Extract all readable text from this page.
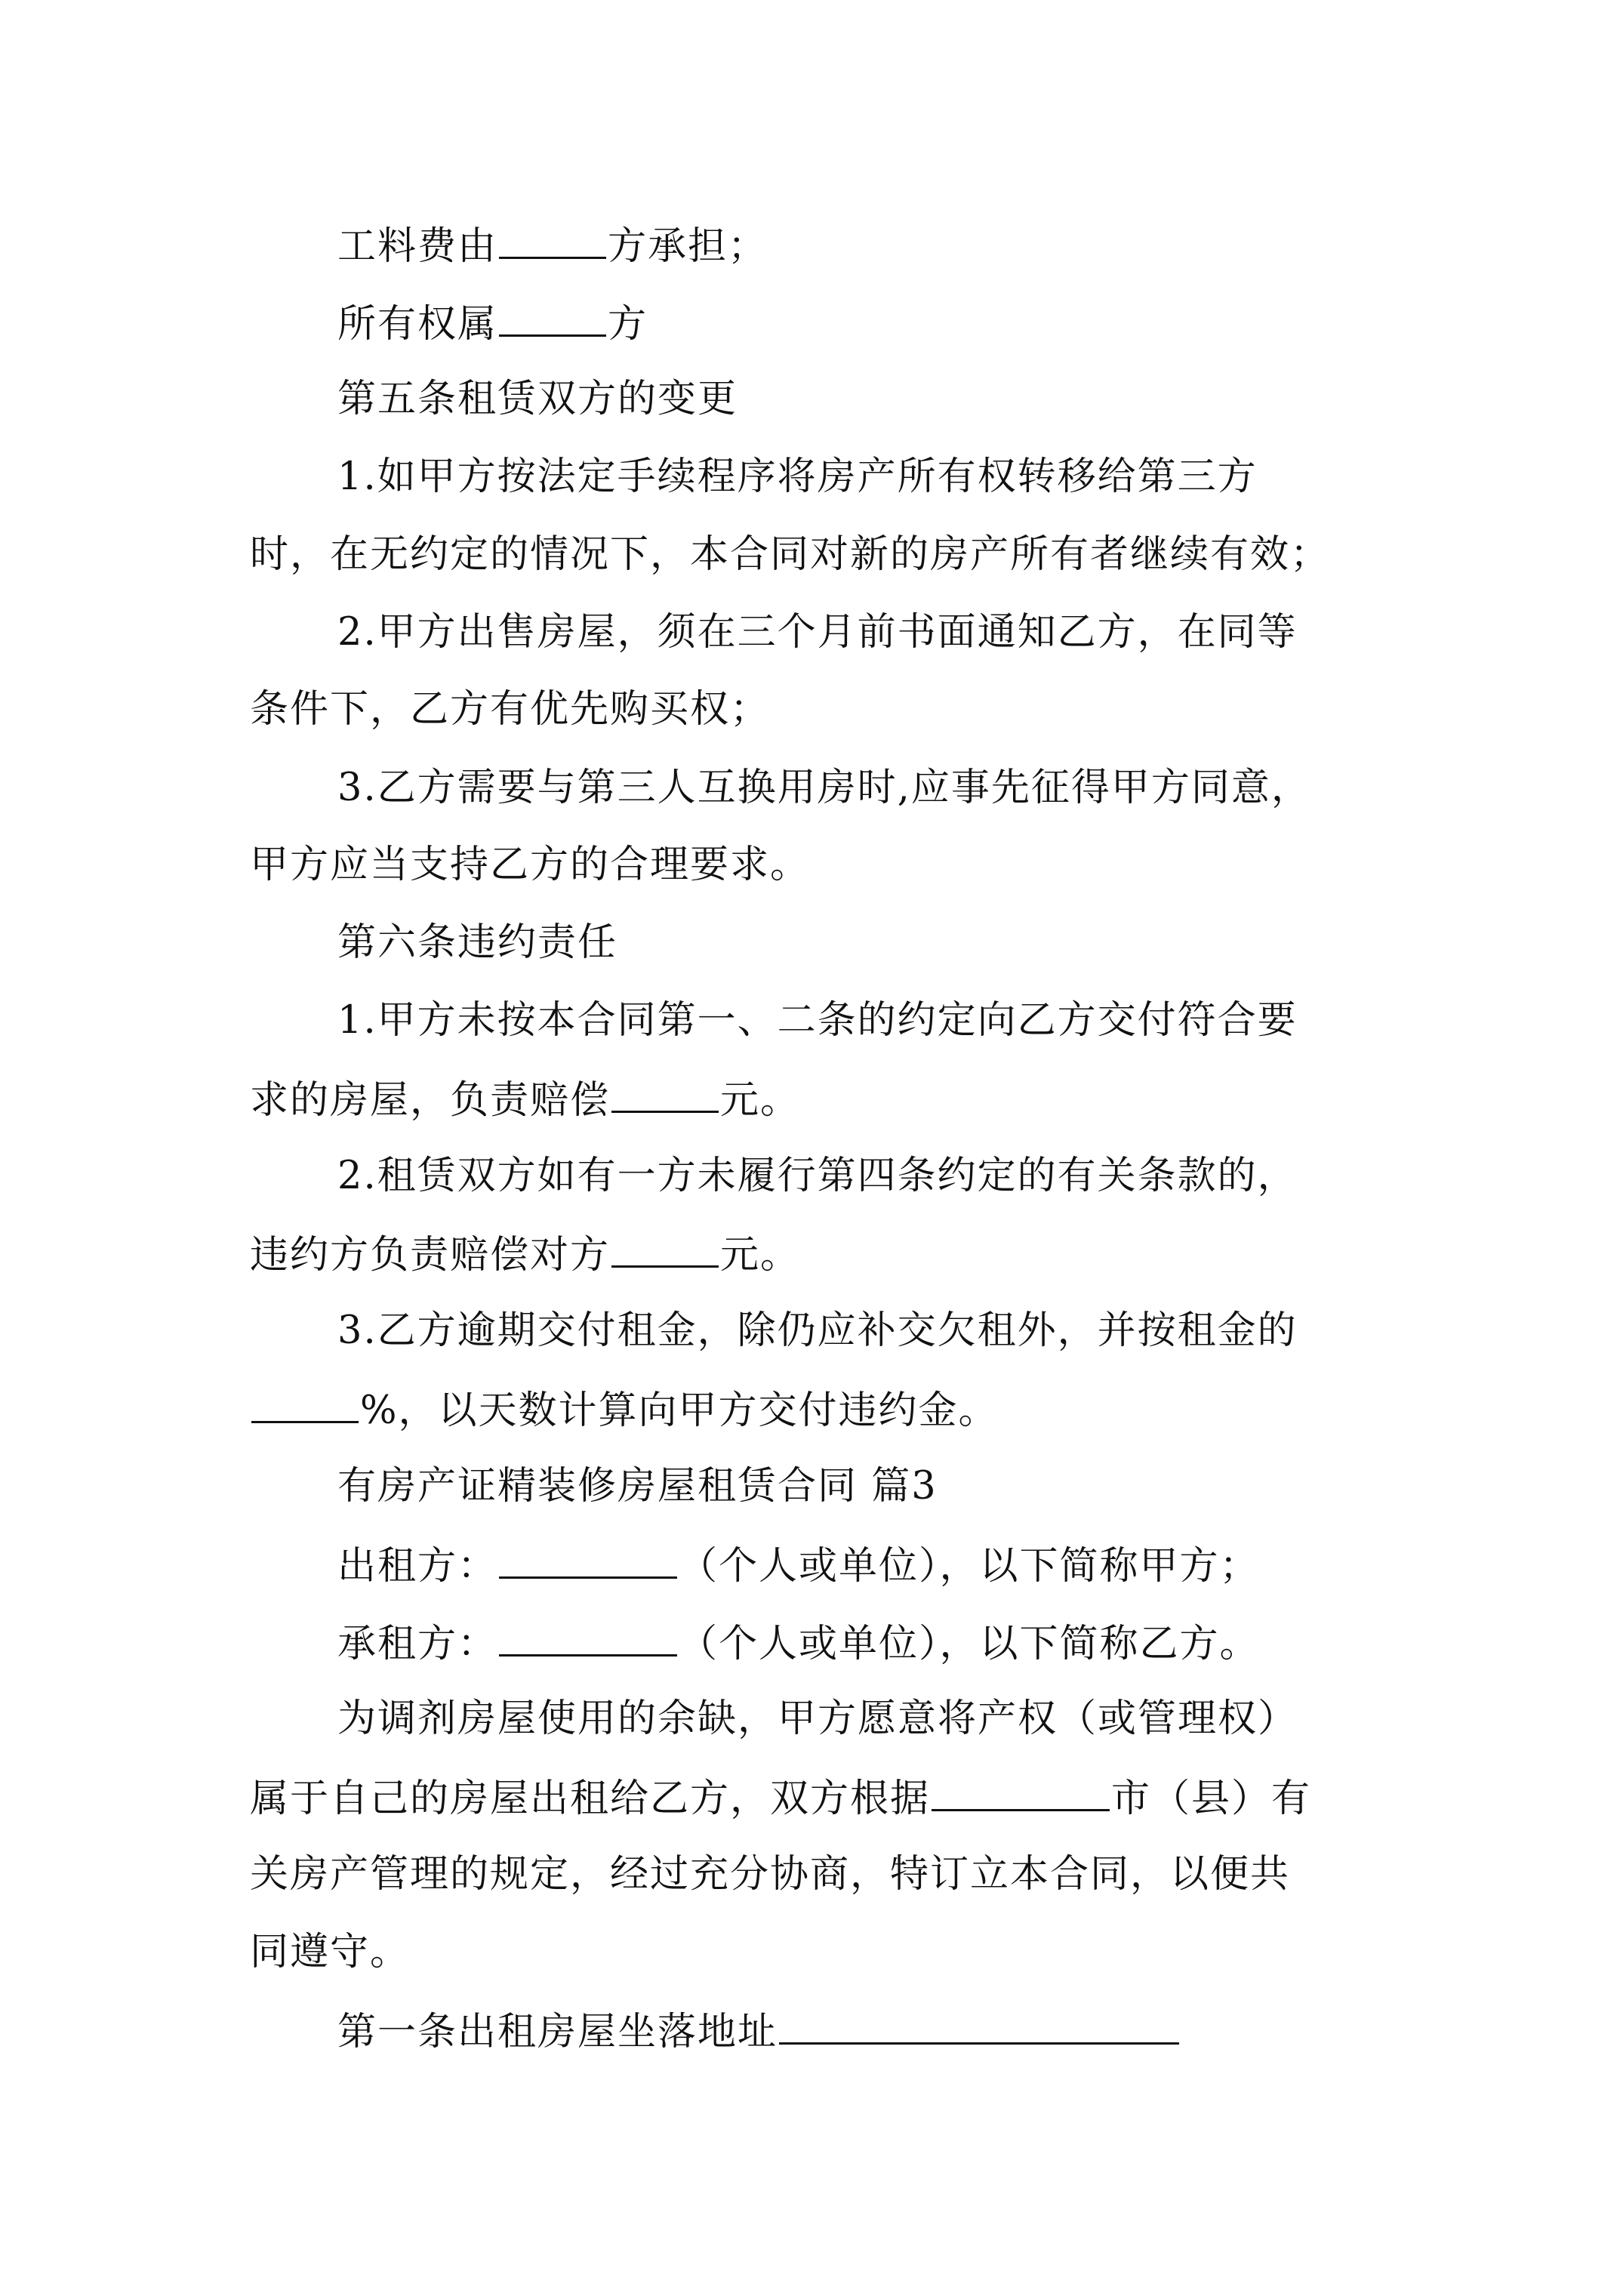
工料费由	方承担；
所有权属	方
第五条租赁双方的变更
1.如甲方按法定手续程序将房产所有权转移给第三方
时，在无约定的情况下，本合同对新的房产所有者继续有效；
2.甲方出售房屋，须在三个月前书面通知乙方，在同等
条件下，乙方有优先购买权；
3.乙方需要与第三人互换用房时,应事先征得甲方同意，
甲方应当支持乙方的合理要求。
第六条违约责任
1.甲方未按本合同第一、二条的约定向乙方交付符合要
求的房屋，负责赔偿	元。
2.租赁双方如有一方未履行第四条约定的有关条款的，
违约方负责赔偿对方	元。
3.乙方逾期交付租金，除仍应补交欠租外，并按租金的
%，以天数计算向甲方交付违约金。
有房产证精装修房屋租赁合同 篇3
出租方：	（个人或单位），以下简称甲方；
承租方：	（个人或单位），以下简称乙方。
为调剂房屋使用的余缺，甲方愿意将产权（或管理权）
属于自己的房屋出租给乙方，双方根据	市（县）有
关房产管理的规定，经过充分协商，特订立本合同，以便共
同遵守。
第一条出租房屋坐落地址
